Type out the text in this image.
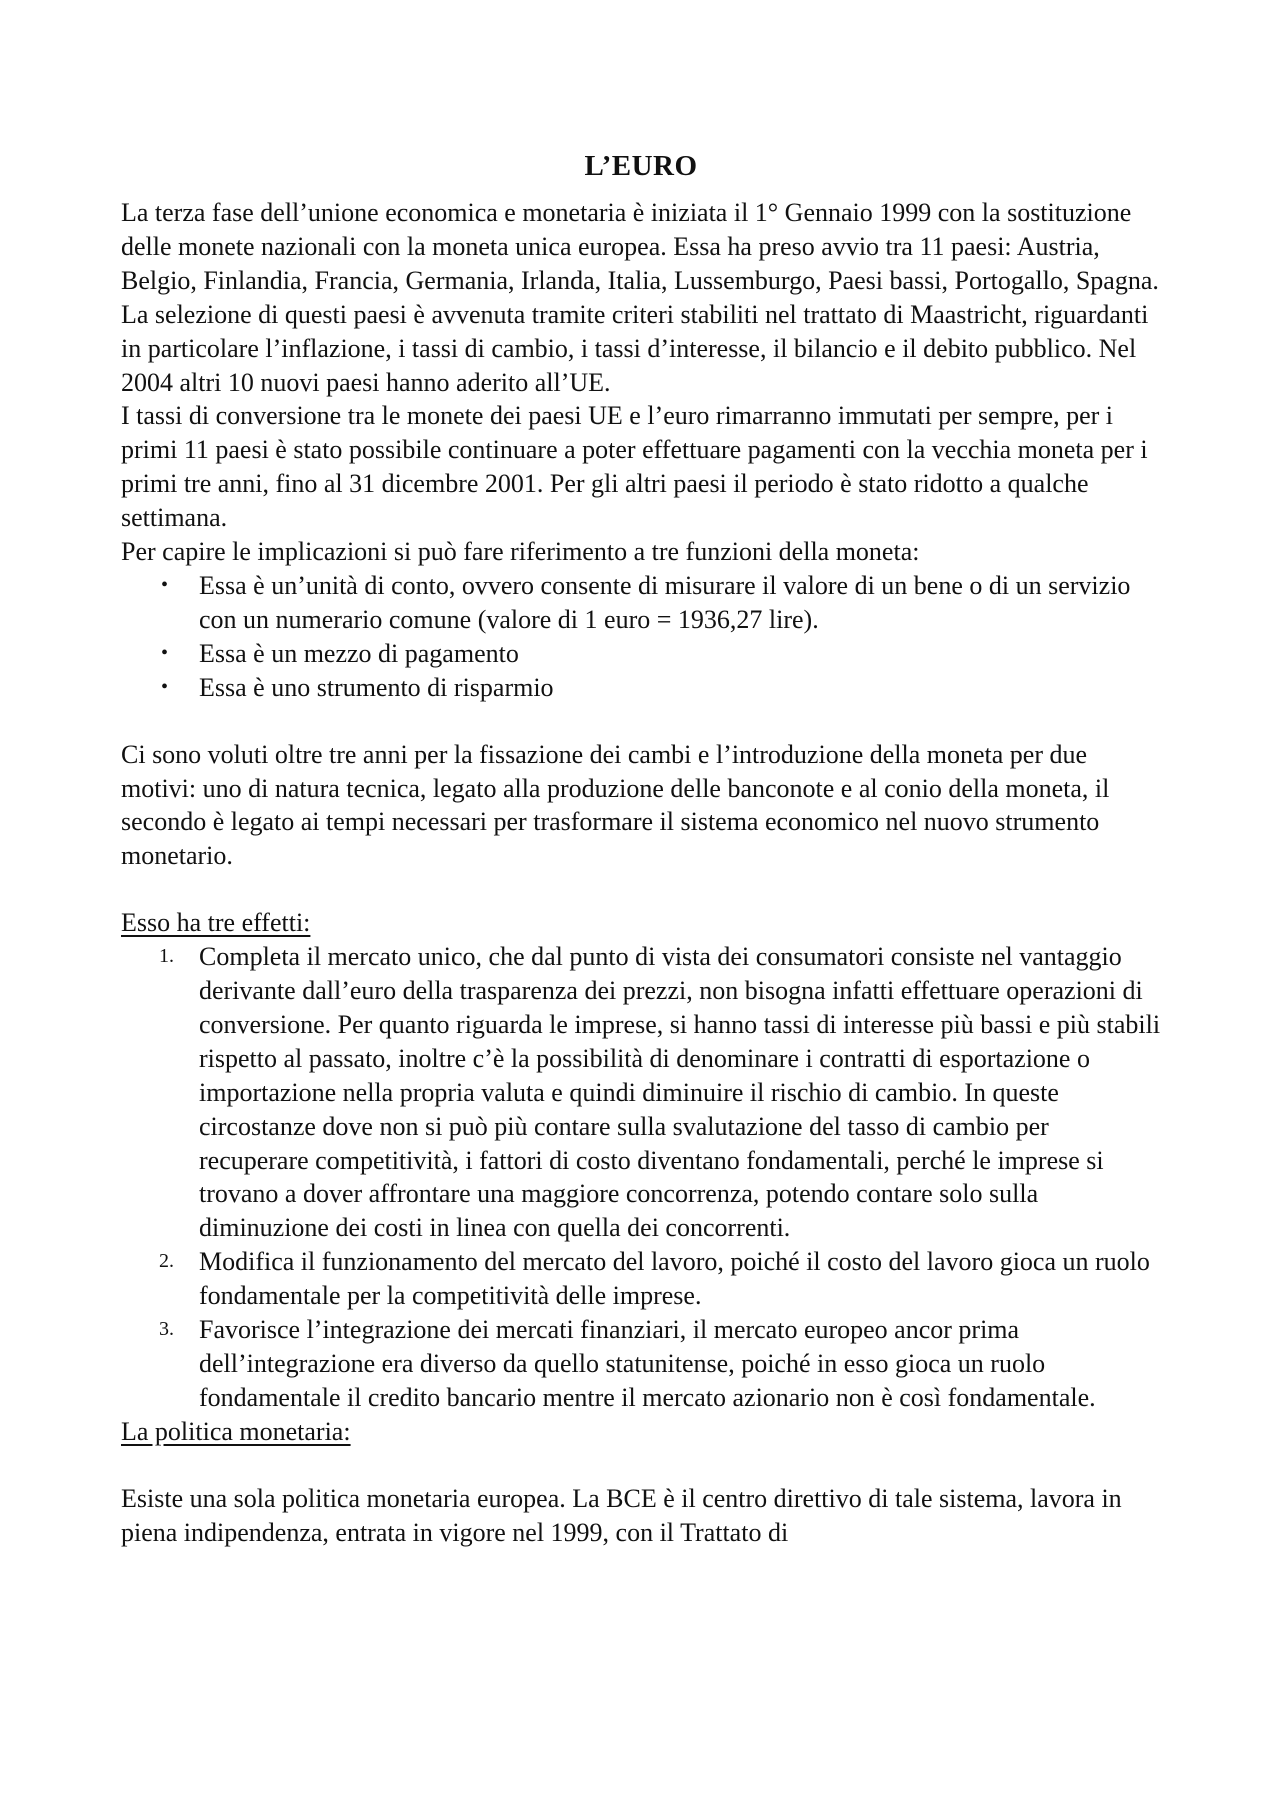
L’EURO

La terza fase dell’unione economica e monetaria è iniziata il 1° Gennaio 1999 con la sostituzione delle monete nazionali con la moneta unica europea. Essa ha preso avvio tra 11 paesi: Austria, Belgio, Finlandia, Francia, Germania, Irlanda, Italia, Lussemburgo, Paesi bassi, Portogallo, Spagna. La selezione di questi paesi è avvenuta tramite criteri stabiliti nel trattato di Maastricht, riguardanti in particolare l’inflazione, i tassi di cambio, i tassi d’interesse, il bilancio e il debito pubblico. Nel 2004 altri 10 nuovi paesi hanno aderito all’UE.

I tassi di conversione tra le monete dei paesi UE e l’euro rimarranno immutati per sempre, per i primi 11 paesi è stato possibile continuare a poter effettuare pagamenti con la vecchia moneta per i primi tre anni, fino al 31 dicembre 2001. Per gli altri paesi il periodo è stato ridotto a qualche settimana.

Per capire le implicazioni si può fare riferimento a tre funzioni della moneta:

• Essa è un’unità di conto, ovvero consente di misurare il valore di un bene o di un servizio con un numerario comune (valore di 1 euro = 1936,27 lire).
• Essa è un mezzo di pagamento
• Essa è uno strumento di risparmio

Ci sono voluti oltre tre anni per la fissazione dei cambi e l’introduzione della moneta per due motivi: uno di natura tecnica, legato alla produzione delle banconote e al conio della moneta, il secondo è legato ai tempi necessari per trasformare il sistema economico nel nuovo strumento monetario.

Esso ha tre effetti:

1. Completa il mercato unico, che dal punto di vista dei consumatori consiste nel vantaggio derivante dall’euro della trasparenza dei prezzi, non bisogna infatti effettuare operazioni di conversione. Per quanto riguarda le imprese, si hanno tassi di interesse più bassi e più stabili rispetto al passato, inoltre c’è la possibilità di denominare i contratti di esportazione o importazione nella propria valuta e quindi diminuire il rischio di cambio. In queste circostanze dove non si può più contare sulla svalutazione del tasso di cambio per recuperare competitività, i fattori di costo diventano fondamentali, perché le imprese si trovano a dover affrontare una maggiore concorrenza, potendo contare solo sulla diminuzione dei costi in linea con quella dei concorrenti.
2. Modifica il funzionamento del mercato del lavoro, poiché il costo del lavoro gioca un ruolo fondamentale per la competitività delle imprese.
3. Favorisce l’integrazione dei mercati finanziari, il mercato europeo ancor prima dell’integrazione era diverso da quello statunitense, poiché in esso gioca un ruolo fondamentale il credito bancario mentre il mercato azionario non è così fondamentale.

La politica monetaria:

Esiste una sola politica monetaria europea. La BCE è il centro direttivo di tale sistema, lavora in piena indipendenza, entrata in vigore nel 1999, con il Trattato di
